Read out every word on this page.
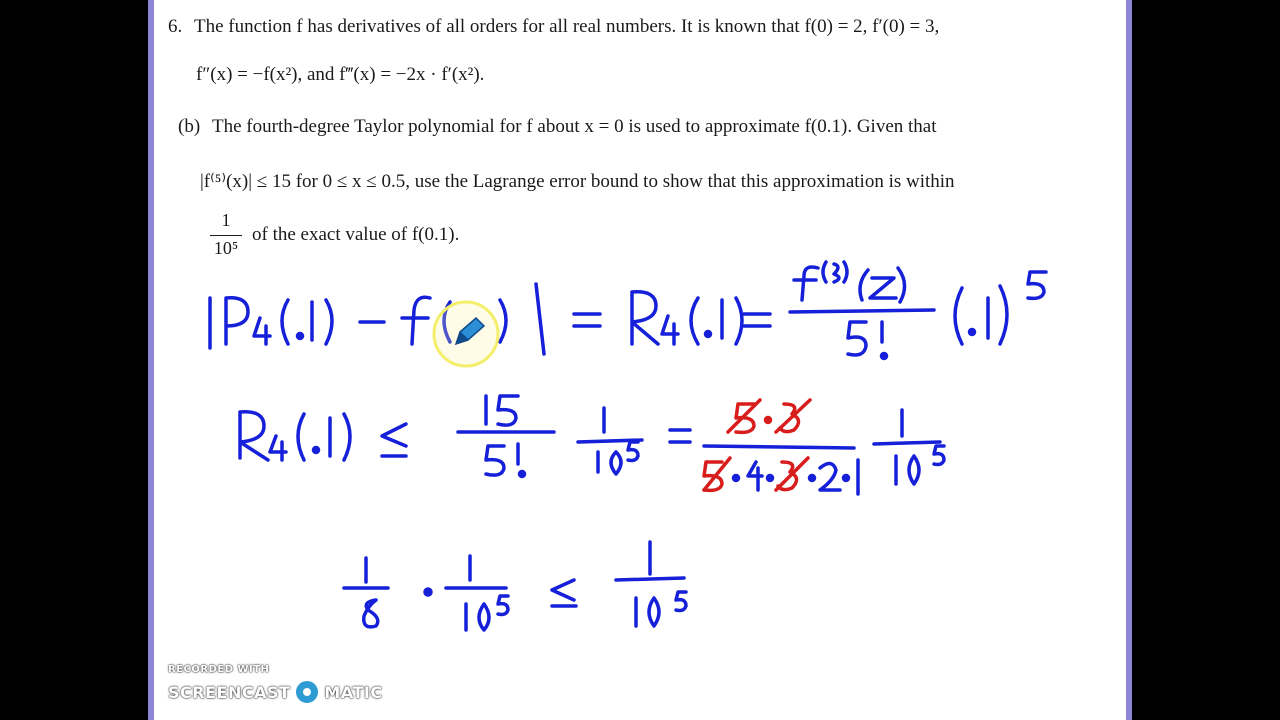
6. The function f has derivatives of all orders for all real numbers. It is known that f(0) = 2, f′(0) = 3,
f″(x) = −f(x²), and f‴(x) = −2x · f′(x²).
(b) The fourth-degree Taylor polynomial for f about x = 0 is used to approximate f(0.1). Given that
|f⁽⁵⁾(x)| ≤ 15 for 0 ≤ x ≤ 0.5, use the Lagrange error bound to show that this approximation is within
1
10⁵
of the exact value of f(0.1).
RECORDED WITH
SCREENCAST MATIC
